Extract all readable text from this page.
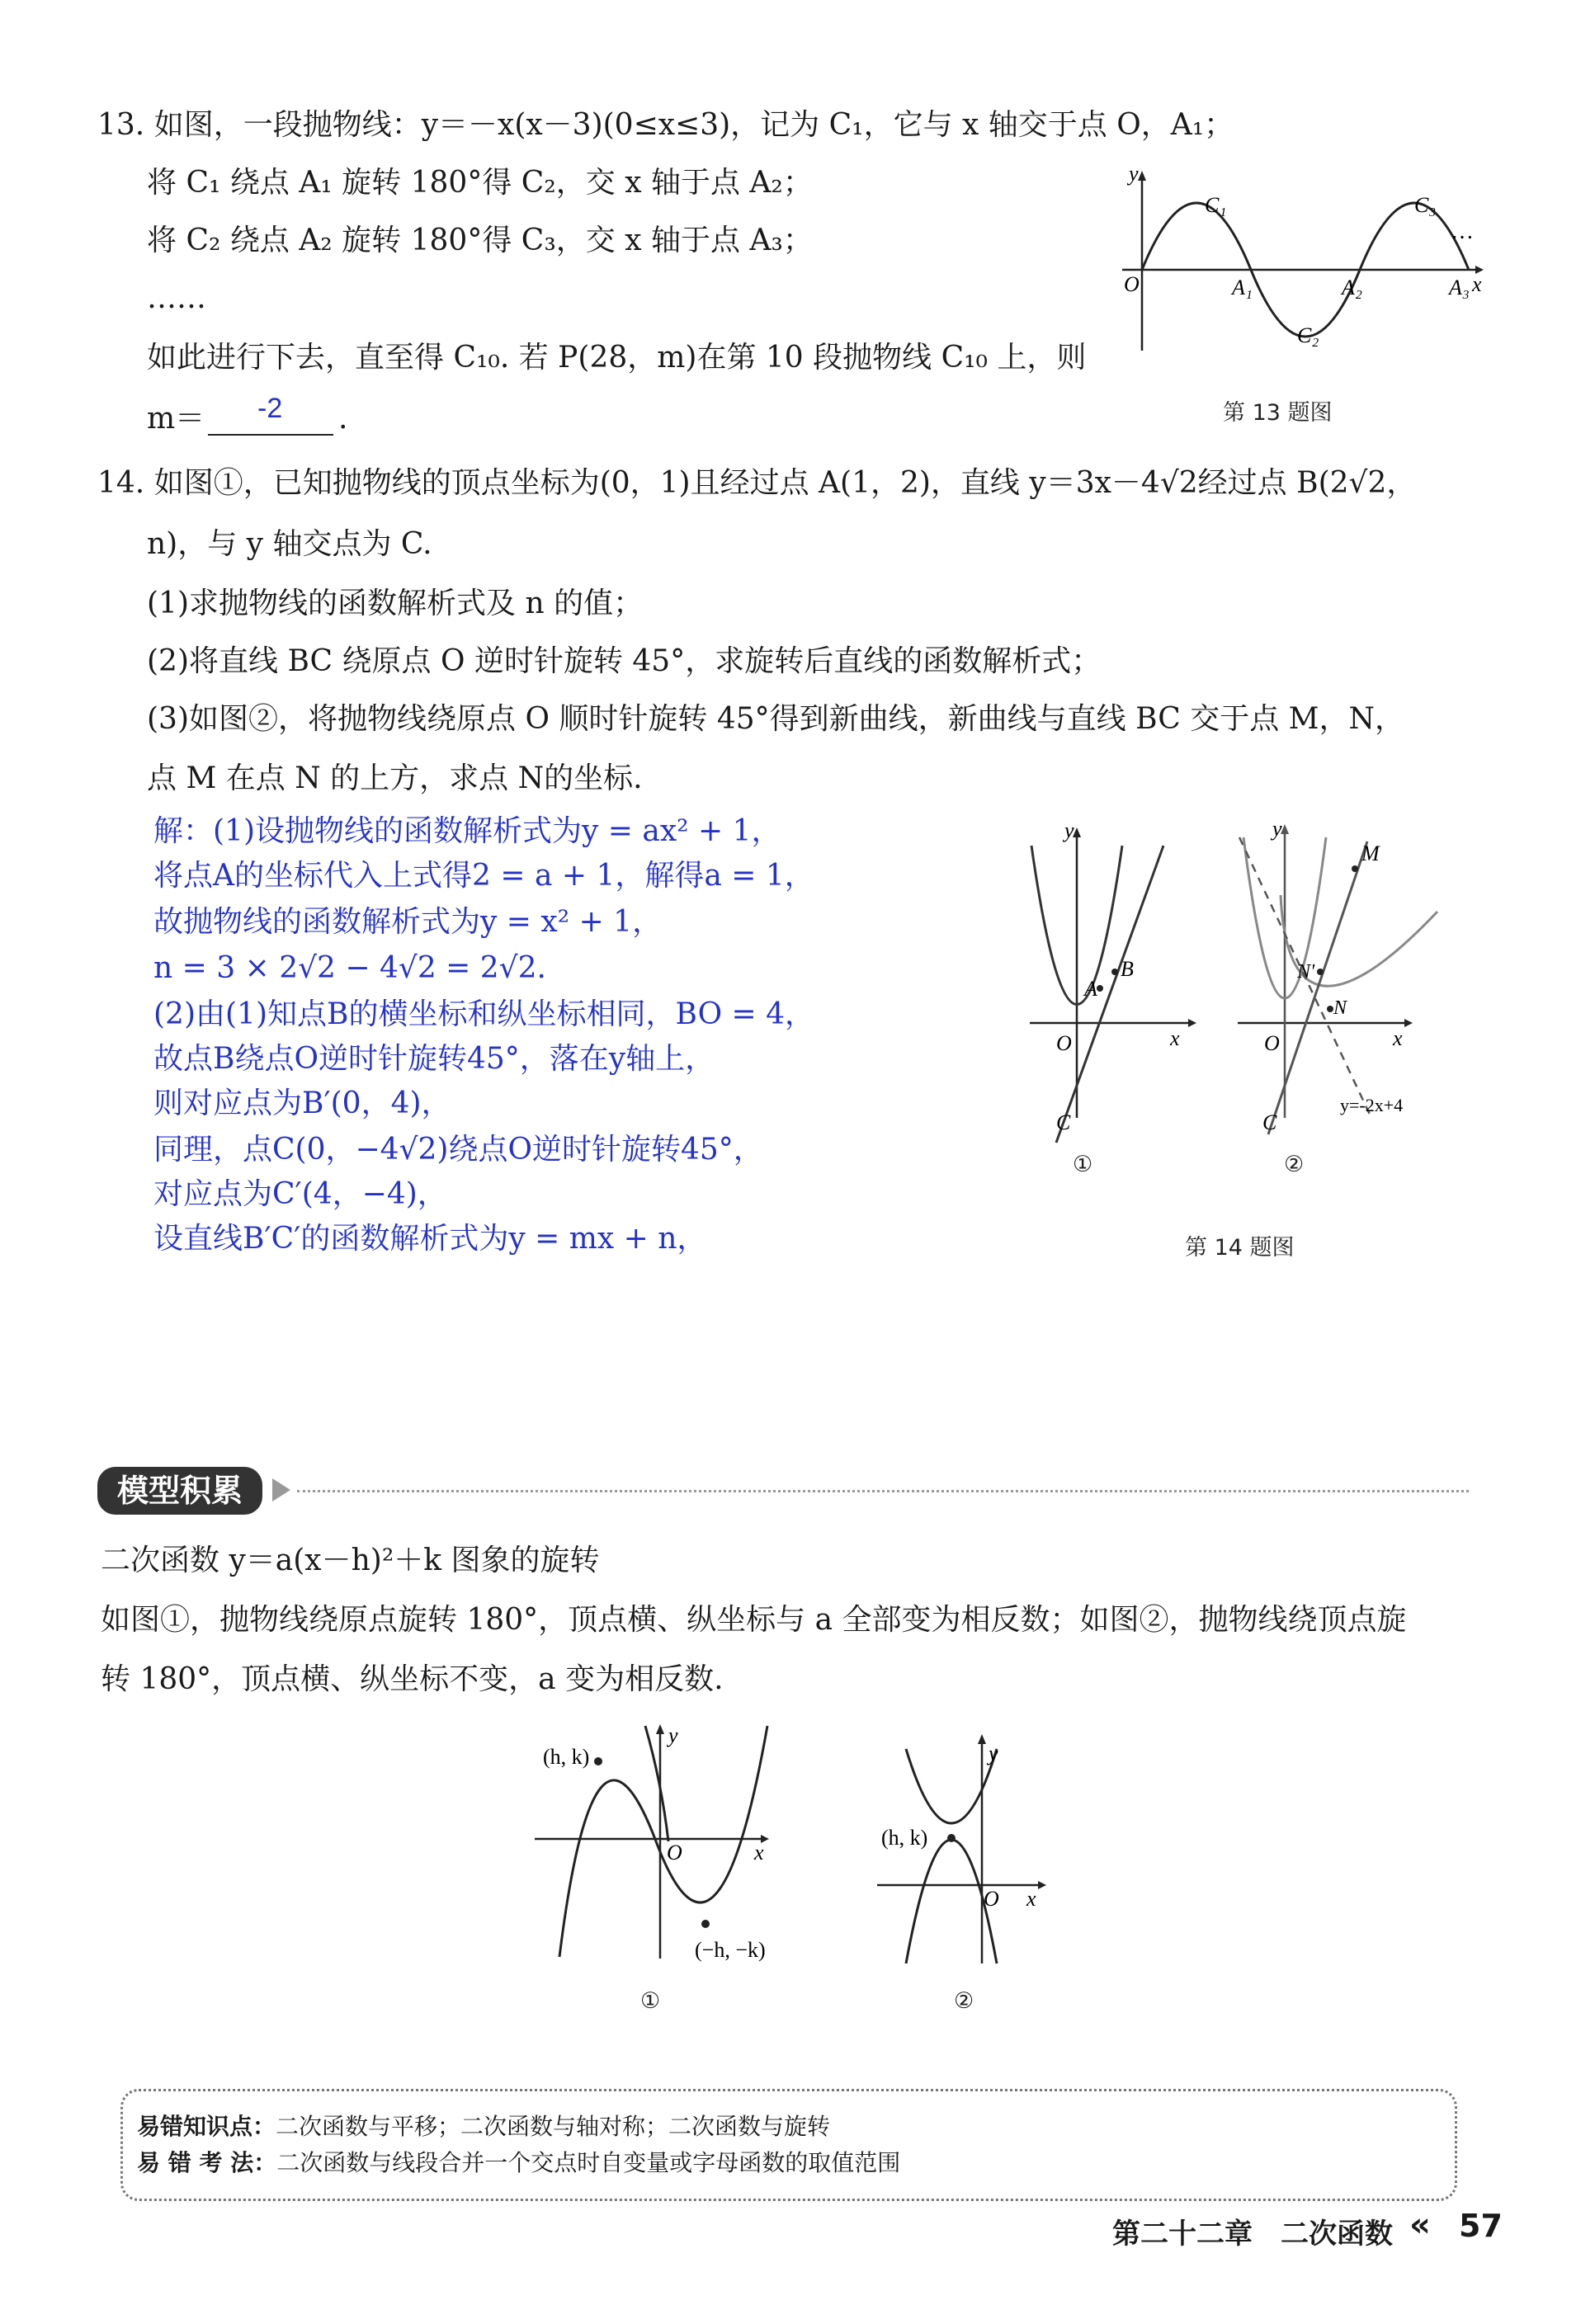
13. 如图，一段抛物线：y＝－x(x－3)(0≤x≤3)，记为 C₁，它与 x 轴交于点 O，A₁；
将 C₁ 绕点 A₁ 旋转 180°得 C₂，交 x 轴于点 A₂；
将 C₂ 绕点 A₂ 旋转 180°得 C₃，交 x 轴于点 A₃；
……
如此进行下去，直至得 C₁₀. 若 P(28，m)在第 10 段抛物线 C₁₀ 上，则
m＝ -2 .
y
O	x
C₁
A₁
C₂
A₂
C₃
A₃
…
第 13 题图
14. 如图①，已知抛物线的顶点坐标为(0，1)且经过点 A(1，2)，直线 y＝3x－4√2经过点 B(2√2，
n)，与 y 轴交点为 C.
(1)求抛物线的函数解析式及 n 的值；
(2)将直线 BC 绕原点 O 逆时针旋转 45°，求旋转后直线的函数解析式；
(3)如图②，将抛物线绕原点 O 顺时针旋转 45°得到新曲线，新曲线与直线 BC 交于点 M，N，
点 M 在点 N 的上方，求点 N的坐标.
解：(1)设抛物线的函数解析式为y = ax² + 1，
将点A的坐标代入上式得2 = a + 1，解得a = 1，
故抛物线的函数解析式为y = x² + 1，
n = 3 × 2√2 − 4√2 = 2√2.
(2)由(1)知点B的横坐标和纵坐标相同，BO = 4，
故点B绕点O逆时针旋转45°，落在y轴上，
则对应点为B′(0，4)，
同理，点C(0，−4√2)绕点O逆时针旋转45°，
对应点为C′(4，−4)，
设直线B′C′的函数解析式为y = mx + n，
y
O	x
A
B
C
①
y
O	x
M
N'
N
C
y=-2x+4
②
第 14 题图
模型积累
二次函数 y＝a(x－h)²＋k 图象的旋转
如图①，抛物线绕原点旋转 180°，顶点横、纵坐标与 a 全部变为相反数；如图②，抛物线绕顶点旋
转 180°，顶点横、纵坐标不变，a 变为相反数.
(h, k)
(−h, −k)
O	x
y
①
(h, k)
O x
y
②
易错知识点：二次函数与平移；二次函数与轴对称；二次函数与旋转
易 错 考 法：二次函数与线段合并一个交点时自变量或字母函数的取值范围
第二十二章　二次函数 « 57
